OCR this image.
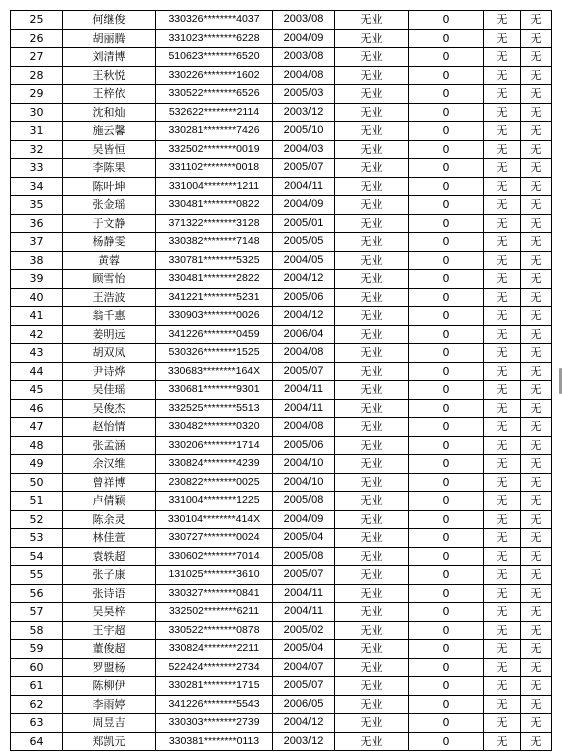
25	何继俊	330326********4037	2003/08	无业	0	无	无
26	胡丽腾	331023********6228	2004/09	无业	0	无	无
27	刘清博	510623********6520	2003/08	无业	0	无	无
28	王秋悦	330226********1602	2004/08	无业	0	无	无
29	王梓依	330522********6526	2005/03	无业	0	无	无
30	沈和灿	532622********2114	2003/12	无业	0	无	无
31	施云馨	330281********7426	2005/10	无业	0	无	无
32	吴皆恒	332502********0019	2004/03	无业	0	无	无
33	李陈果	331102********0018	2005/07	无业	0	无	无
34	陈叶坤	331004********1211	2004/11	无业	0	无	无
35	张金瑶	330481********0822	2004/09	无业	0	无	无
36	于文静	371322********3128	2005/01	无业	0	无	无
37	杨静雯	330382********7148	2005/05	无业	0	无	无
38	黄蓉	330781********5325	2004/05	无业	0	无	无
39	顾雪怡	330481********2822	2004/12	无业	0	无	无
40	王浩波	341221********5231	2005/06	无业	0	无	无
41	翁千惠	330903********0026	2004/12	无业	0	无	无
42	姜明远	341226********0459	2006/04	无业	0	无	无
43	胡双凤	530326********1525	2004/08	无业	0	无	无
44	尹诗烨	330683********164X	2005/07	无业	0	无	无
45	吴佳瑶	330681********9301	2004/11	无业	0	无	无
46	吴俊杰	332525********5513	2004/11	无业	0	无	无
47	赵怡情	330482********0320	2004/08	无业	0	无	无
48	张孟涵	330206********1714	2005/06	无业	0	无	无
49	余汉维	330824********4239	2004/10	无业	0	无	无
50	曾祥博	230822********0025	2004/10	无业	0	无	无
51	卢倩颖	331004********1225	2005/08	无业	0	无	无
52	陈余灵	330104********414X	2004/09	无业	0	无	无
53	林佳萱	330727********0024	2005/04	无业	0	无	无
54	袁轶超	330602********7014	2005/08	无业	0	无	无
55	张子康	131025********3610	2005/07	无业	0	无	无
56	张诗语	330327********0841	2004/11	无业	0	无	无
57	吴昊梓	332502********6211	2004/11	无业	0	无	无
58	王宇超	330522********0878	2005/02	无业	0	无	无
59	董俊超	330824********2211	2005/04	无业	0	无	无
60	罗盟杨	522424********2734	2004/07	无业	0	无	无
61	陈柳伊	330281********1715	2005/07	无业	0	无	无
62	李雨婷	341226********5543	2006/05	无业	0	无	无
63	周昱吉	330303********2739	2004/12	无业	0	无	无
64	郑凯元	330381********0113	2003/12	无业	0	无	无
